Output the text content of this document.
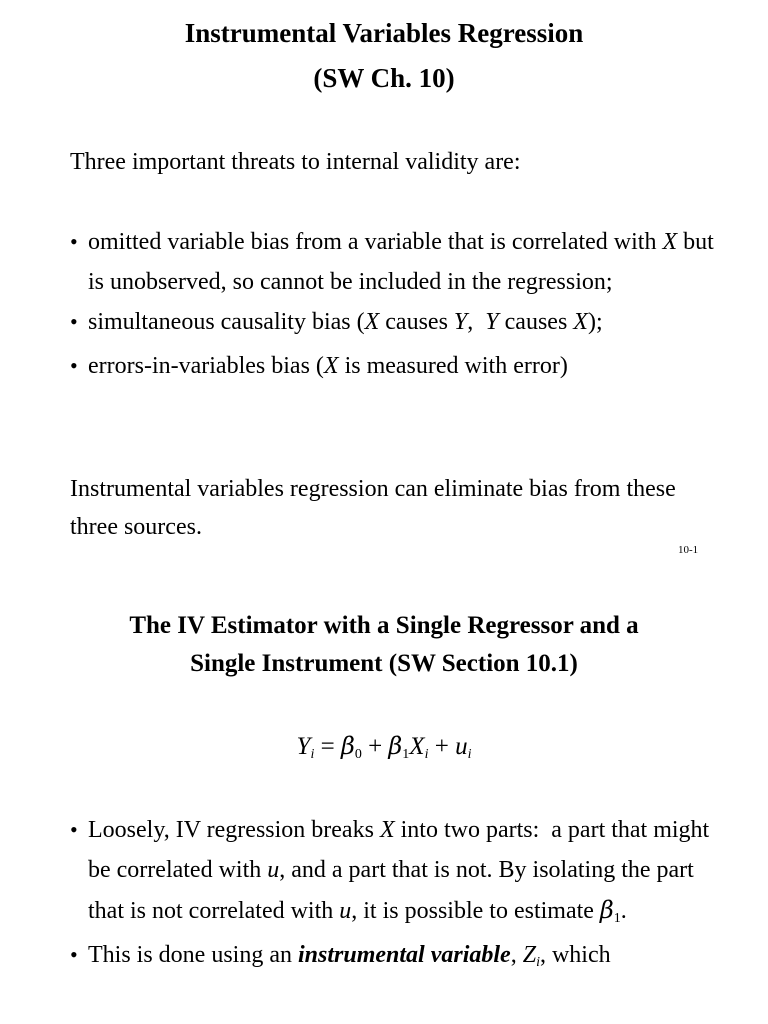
Instrumental Variables Regression
(SW Ch. 10)

Three important threats to internal validity are:

• omitted variable bias from a variable that is correlated with X but is unobserved, so cannot be included in the regression;
• simultaneous causality bias (X causes Y,  Y causes X);
• errors-in-variables bias (X is measured with error)

Instrumental variables regression can eliminate bias from these three sources.

10-1
The IV Estimator with a Single Regressor and a
Single Instrument (SW Section 10.1)
$Y_i = \beta_0 + \beta_1X_i + u_i$
• Loosely, IV regression breaks X into two parts:  a part that might be correlated with u, and a part that is not. By isolating the part that is not correlated with u, it is possible to estimate $\beta_1$.
• This is done using an instrumental variable, $Z_i$, which
